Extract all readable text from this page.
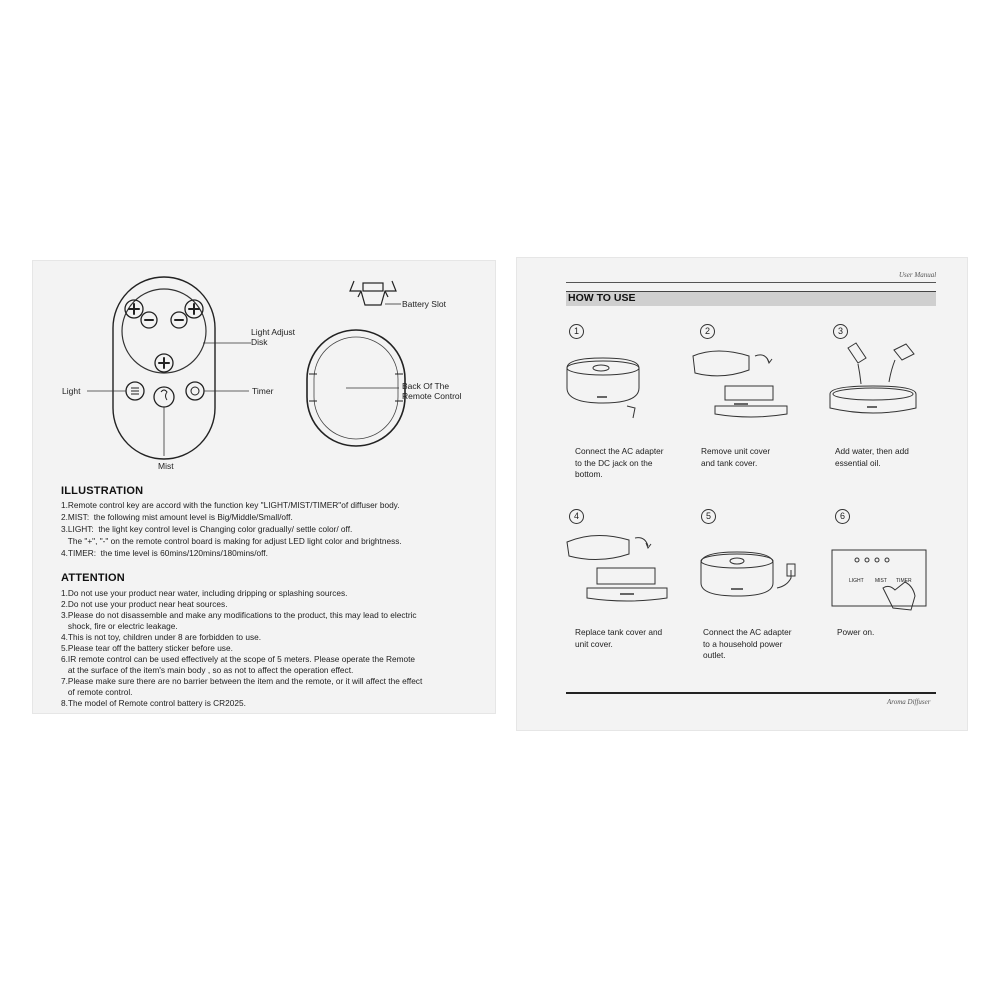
Battery Slot
Light Adjust
Disk
Light	Timer	Back Of The
Remote Control
Mist
ILLUSTRATION
1.Remote control key are accord with the function key "LIGHT/MIST/TIMER"of diffuser body.
2.MIST:  the following mist amount level is Big/Middle/Small/off.
3.LIGHT:  the light key control level is Changing color gradually/ settle color/ off.
The "+", "-" on the remote control board is making for adjust LED light color and brightness.
4.TIMER:  the time level is 60mins/120mins/180mins/off.
ATTENTION
1.Do not use your product near water, including dripping or splashing sources.
2.Do not use your product near heat sources.
3.Please do not disassemble and make any modifications to the product, this may lead to electric
shock, fire or electric leakage.
4.This is not toy, children under 8 are forbidden to use.
5.Please tear off the battery sticker before use.
6.IR remote control can be used effectively at the scope of 5 meters. Please operate the Remote
at the surface of the item's main body , so as not to affect the operation effect.
7.Please make sure there are no barrier between the item and the remote, or it will affect the effect
of remote control.
8.The model of Remote control battery is CR2025.
User Manual
HOW TO USE
1	2	3
4	5	6
LIGHT MIST TIMER
Connect the AC adapter
to the DC jack on the
bottom.
Remove unit cover
and tank cover.
Add water, then add
essential oil.
Replace tank cover and
unit cover.
Connect the AC adapter
to a household power
outlet.
Power on.
Aroma Diffuser
